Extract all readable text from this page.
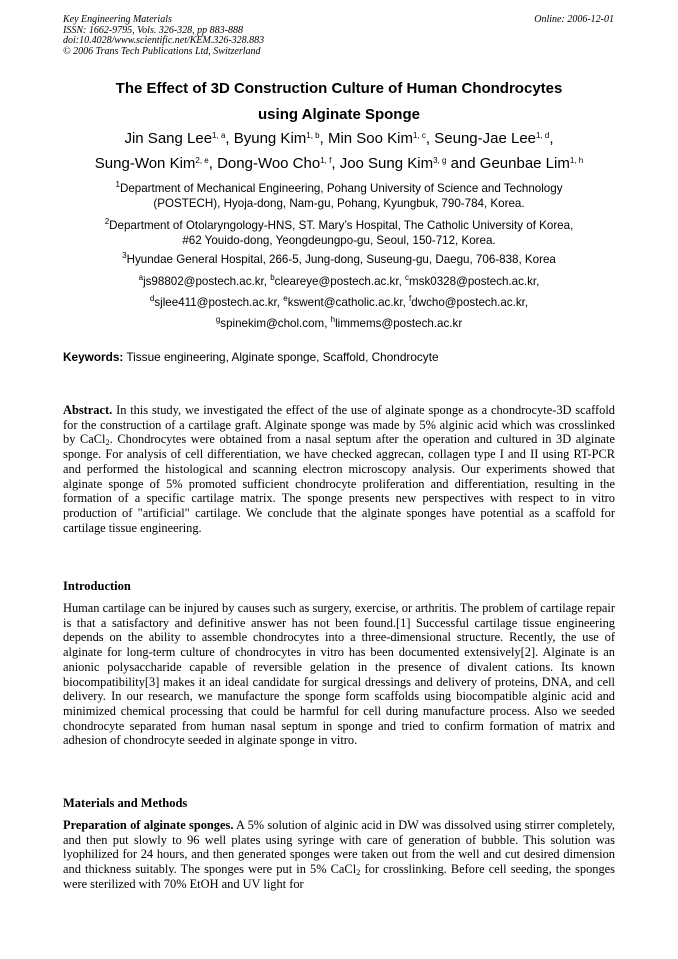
Key Engineering Materials
ISSN: 1662-9795, Vols. 326-328, pp 883-888
doi:10.4028/www.scientific.net/KEM.326-328.883
© 2006 Trans Tech Publications Ltd, Switzerland
Online: 2006-12-01
The Effect of 3D Construction Culture of Human Chondrocytes
using Alginate Sponge
Jin Sang Lee$^{1, a}$, Byung Kim$^{1, b}$, Min Soo Kim$^{1, c}$, Seung-Jae Lee$^{1, d}$,
Sung-Won Kim$^{2, e}$, Dong-Woo Cho$^{1, f}$, Joo Sung Kim$^{3, g}$ and Geunbae Lim$^{1, h}$
$^1$Department of Mechanical Engineering, Pohang University of Science and Technology
(POSTECH), Hyoja-dong, Nam-gu, Pohang, Kyungbuk, 790-784, Korea.
$^2$Department of Otolaryngology-HNS, ST. Mary’s Hospital, The Catholic University of Korea,
#62 Youido-dong, Yeongdeungpo-gu, Seoul, 150-712, Korea.
$^3$Hyundae General Hospital, 266-5, Jung-dong, Suseung-gu, Daegu, 706-838, Korea
$^a$js98802@postech.ac.kr, $^b$cleareye@postech.ac.kr, $^c$msk0328@postech.ac.kr,
$^d$sjlee411@postech.ac.kr, $^e$kswent@catholic.ac.kr, $^f$dwcho@postech.ac.kr,
$^g$spinekim@chol.com, $^h$limmems@postech.ac.kr
Keywords: Tissue engineering, Alginate sponge, Scaffold, Chondrocyte
Abstract. In this study, we investigated the effect of the use of alginate sponge as a chondrocyte-3D scaffold for the construction of a cartilage graft. Alginate sponge was made by 5% alginic acid which was crosslinked by CaCl$_2$. Chondrocytes were obtained from a nasal septum after the operation and cultured in 3D alginate sponge. For analysis of cell differentiation, we have checked aggrecan, collagen type I and II using RT-PCR and performed the histological and scanning electron microscopy analysis. Our experiments showed that alginate sponge of 5% promoted sufficient chondrocyte proliferation and differentiation, resulting in the formation of a specific cartilage matrix. The sponge presents new perspectives with respect to in vitro production of "artificial" cartilage. We conclude that the alginate sponges have potential as a scaffold for cartilage tissue engineering.
Introduction
Human cartilage can be injured by causes such as surgery, exercise, or arthritis. The problem of cartilage repair is that a satisfactory and definitive answer has not been found.[1] Successful cartilage tissue engineering depends on the ability to assemble chondrocytes into a three-dimensional structure. Recently, the use of alginate for long-term culture of chondrocytes in vitro has been documented extensively[2]. Alginate is an anionic polysaccharide capable of reversible gelation in the presence of divalent cations. Its known biocompatibility[3] makes it an ideal candidate for surgical dressings and delivery of proteins, DNA, and cell delivery. In our research, we manufacture the sponge form scaffolds using biocompatible alginic acid and minimized chemical processing that could be harmful for cell during manufacture process. Also we seeded chondrocyte separated from human nasal septum in sponge and tried to confirm formation of matrix and adhesion of chondrocyte seeded in alginate sponge in vitro.
Materials and Methods
Preparation of alginate sponges. A 5% solution of alginic acid in DW was dissolved using stirrer completely, and then put slowly to 96 well plates using syringe with care of generation of bubble. This solution was lyophilized for 24 hours, and then generated sponges were taken out from the well and cut desired dimension and thickness suitably. The sponges were put in 5% CaCl$_2$ for crosslinking. Before cell seeding, the sponges were sterilized with 70% EtOH and UV light for
